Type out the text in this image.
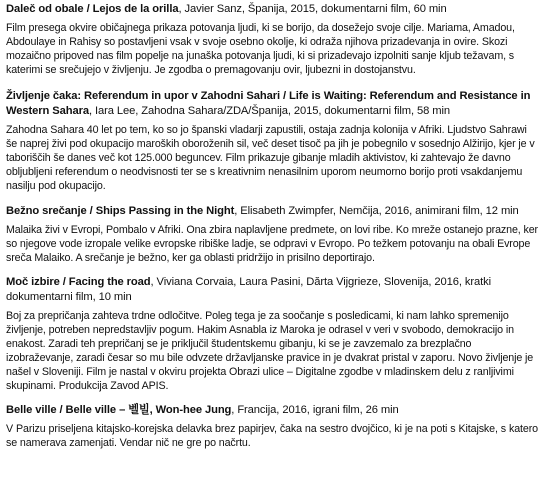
Daleč od obale / Lejos de la orilla, Javier Sanz, Španija, 2015, dokumentarni film, 60 min

Film presega okvire običajnega prikaza potovanja ljudi, ki se borijo, da dosežejo svoje cilje. Mariama, Amadou, Abdoulaye in Rahisy so postavljeni vsak v svoje osebno okolje, ki odraža njihova prizadevanja in ovire. Skozi mozaično pripoved nas film popelje na junaška potovanja ljudi, ki si prizadevajo izpolniti sanje kljub težavam, s katerimi se srečujejo v življenju. Je zgodba o premagovanju ovir, ljubezni in dostojanstvu.

Življenje čaka: Referendum in upor v Zahodni Sahari / Life is Waiting: Referendum and Resistance in Western Sahara, Iara Lee, Zahodna Sahara/ZDA/Španija, 2015, dokumentarni film, 58 min

Zahodna Sahara 40 let po tem, ko so jo španski vladarji zapustili, ostaja zadnja kolonija v Afriki. Ljudstvo Sahrawi še naprej živi pod okupacijo maroških oboroženih sil, več deset tisoč pa jih je pobegnilo v sosednjo Alžirijo, kjer je v taboriščih še danes več kot 125.000 beguncev. Film prikazuje gibanje mladih aktivistov, ki zahtevajo že davno obljubljeni referendum o neodvisnosti ter se s kreativnim nenasilnim uporom neumorno borijo proti vsakdanjemu nasilju pod okupacijo.

Bežno srečanje / Ships Passing in the Night, Elisabeth Zwimpfer, Nemčija, 2016, animirani film, 12 min

Malaika živi v Evropi, Pombalo v Afriki. Ona zbira naplavljene predmete, on lovi ribe. Ko mreže ostanejo prazne, ker so njegove vode izropale velike evropske ribiške ladje, se odpravi v Evropo. Po težkem potovanju na obali Evrope sreča Malaiko. A srečanje je bežno, ker ga oblasti pridržijo in prisilno deportirajo.

Moč izbire / Facing the road, Viviana Corvaia, Laura Pasini, Dărta Vijgrieze, Slovenija, 2016, kratki dokumentarni film, 10 min

Boj za prepričanja zahteva trdne odločitve. Poleg tega je za soočanje s posledicami, ki nam lahko spremenijo življenje, potreben nepredstavljiv pogum. Hakim Asnabla iz Maroka je odrasel v veri v svobodo, demokracijo in enakost. Zaradi teh prepričanj se je priključil študentskemu gibanju, ki se je zavzemalo za brezplačno izobraževanje, zaradi česar so mu bile odvzete državljanske pravice in je dvakrat pristal v zaporu. Novo življenje je našel v Sloveniji. Film je nastal v okviru projekta Obrazi ulice – Digitalne zgodbe v mladinskem delu z ranljivimi skupinami. Produkcija Zavod APIS.

Belle ville / Belle ville – 벨빌, Won-hee Jung, Francija, 2016, igrani film, 26 min

V Parizu priseljena kitajsko-korejska delavka brez papirjev, čaka na sestro dvojčico, ki je na poti s Kitajske, s katero se namerava zamenjati. Vendar nič ne gre po načrtu.
